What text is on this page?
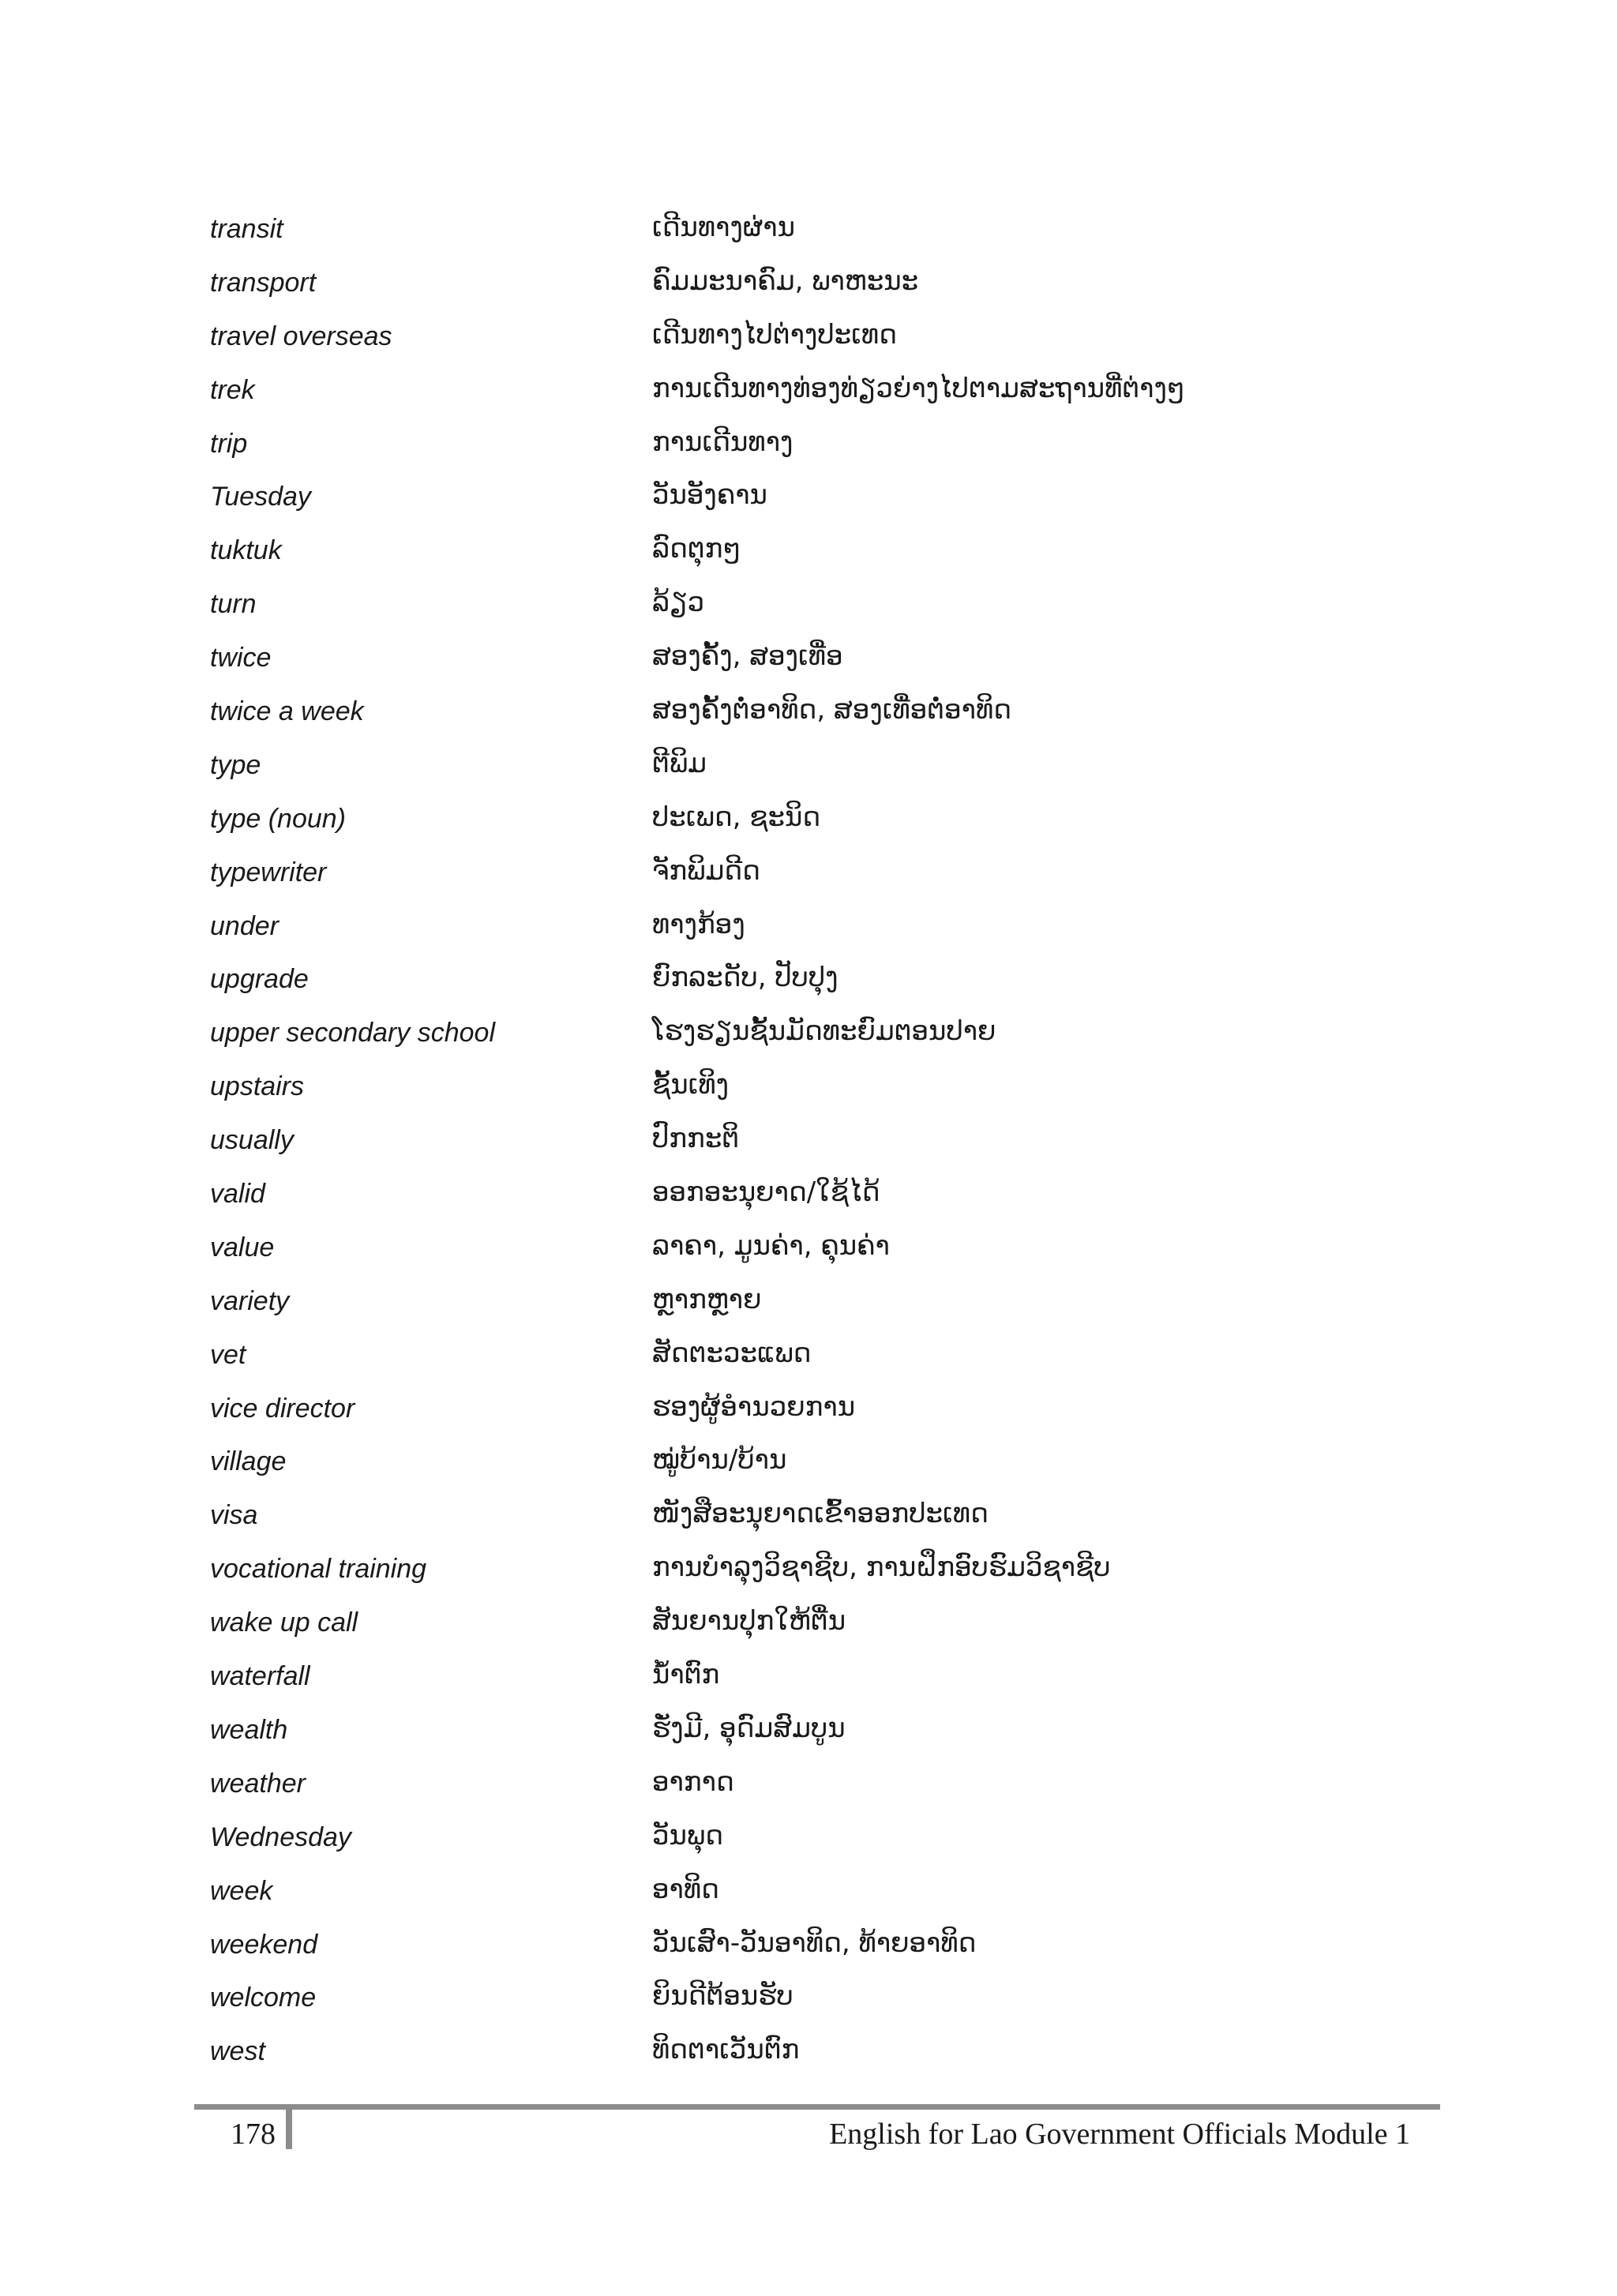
transit	ເດີນທາງຜ່ານ
transport	ຄົມມະນາຄົມ, ພາຫະນະ
travel overseas	ເດີນທາງໄປຕ່າງປະເທດ
trek	ການເດີນທາງທ່ອງທ່ຽວຍ່າງໄປຕາມສະຖານທີ່ຕ່າງໆ
trip	ການເດີນທາງ
Tuesday	ວັນອັງຄານ
tuktuk	ລົດຕຸກໆ
turn	ລ້ຽວ
twice	ສອງຄັ້ງ, ສອງເທື່ອ
twice a week	ສອງຄັ້ງຕໍ່ອາທິດ, ສອງເທື່ອຕໍ່ອາທິດ
type	ຕີພິມ
type (noun)	ປະເພດ, ຊະນິດ
typewriter	ຈັກພິມດີດ
under	ທາງກ້ອງ
upgrade	ຍົກລະດັບ, ປັບປຸງ
upper secondary school	ໂຮງຮຽນຊັ້ນມັດທະຍົມຕອນປາຍ
upstairs	ຊັ້ນເທິງ
usually	ປົກກະຕິ
valid	ອອກອະນຸຍາດ/ໃຊ້ໄດ້
value	ລາຄາ, ມູນຄ່າ, ຄຸນຄ່າ
variety	ຫຼາກຫຼາຍ
vet	ສັດຕະວະແພດ
vice director	ຮອງຜູ້ອໍານວຍການ
village	ໝູ່ບ້ານ/ບ້ານ
visa	ໜັງສືອະນຸຍາດເຂົ້າອອກປະເທດ
vocational training	ການບໍາລຸງວິຊາຊີບ, ການຝຶກອົບຮົມວິຊາຊີບ
wake up call	ສັນຍານປຸກໃຫ້ຕື່ນ
waterfall	ນໍ້າຕົກ
wealth	ຮັ່ງມີ, ອຸດົມສົມບູນ
weather	ອາກາດ
Wednesday	ວັນພຸດ
week	ອາທິດ
weekend	ວັນເສົາ-ວັນອາທິດ, ທ້າຍອາທິດ
welcome	ຍິນດີຕ້ອນຮັບ
west	ທິດຕາເວັນຕົກ
178	English for Lao Government Officials Module 1
